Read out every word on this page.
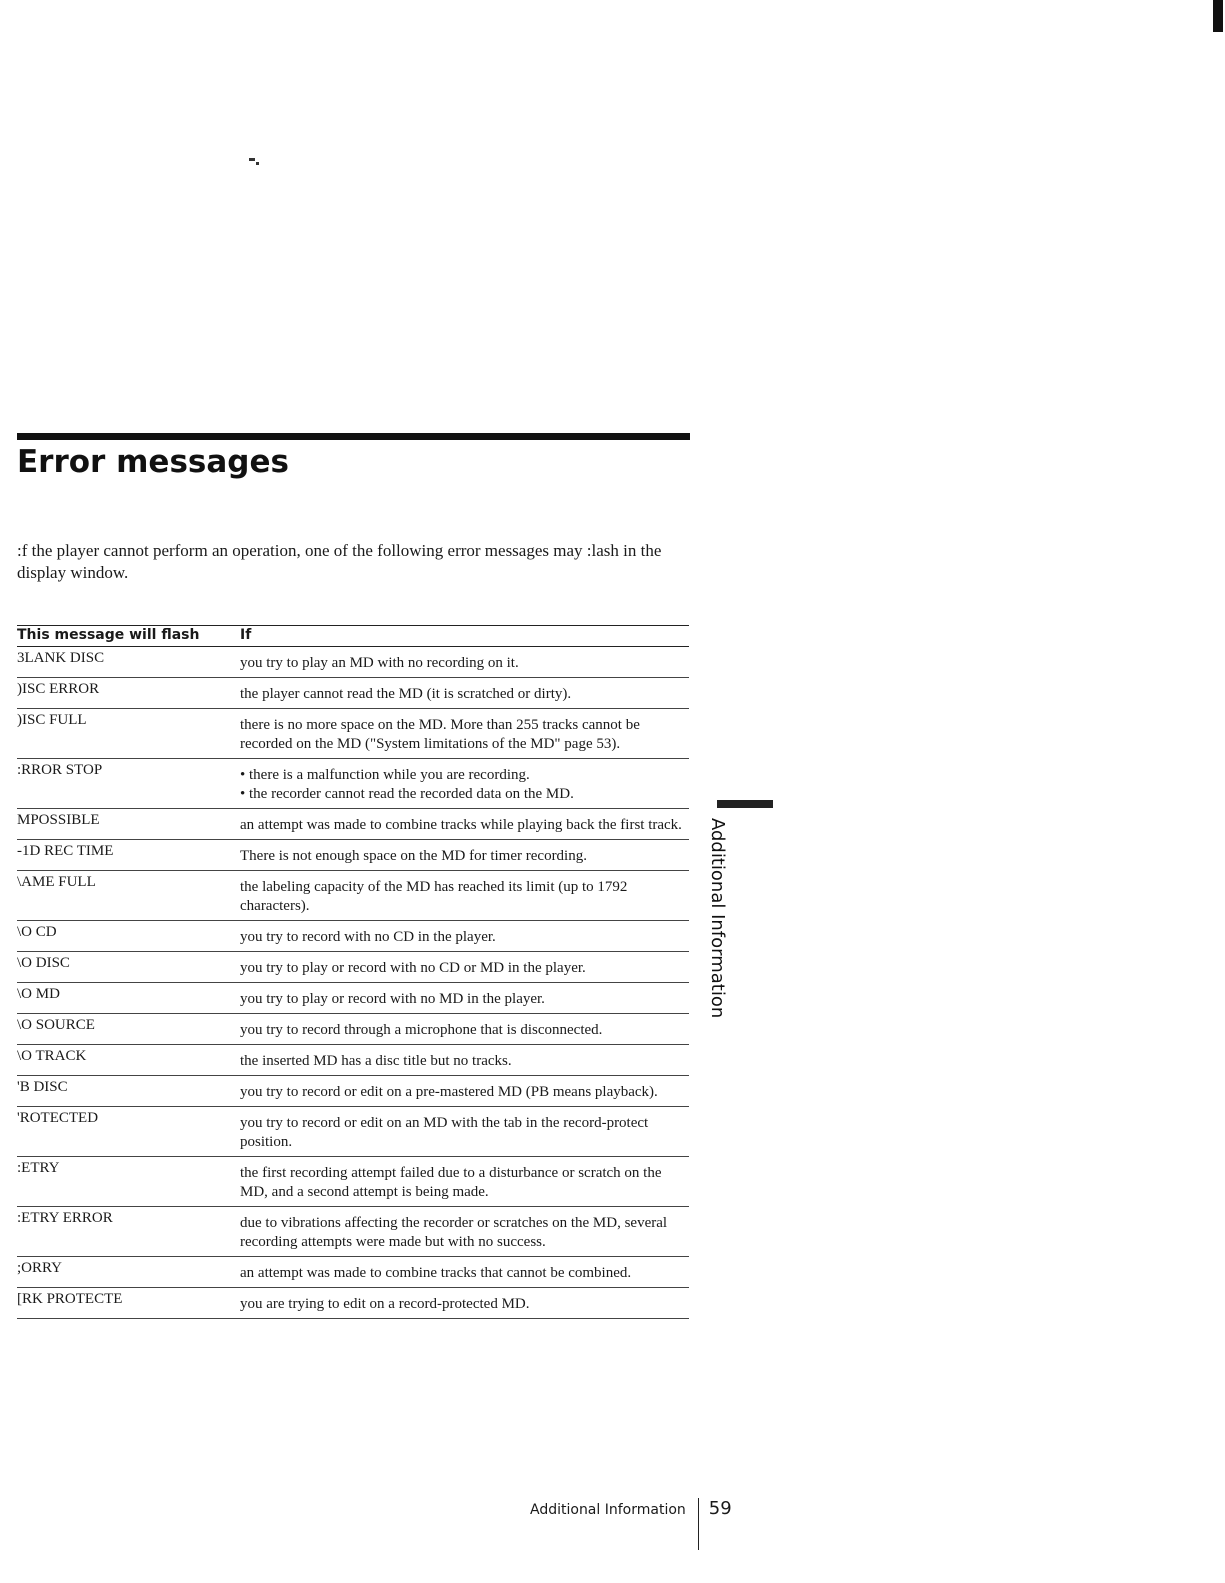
Error messages

:f the player cannot perform an operation, one of the following error messages may :lash in the display window.

This message will flash	If
3LANK DISC	you try to play an MD with no recording on it.
)ISC ERROR	the player cannot read the MD (it is scratched or dirty).
)ISC FULL	there is no more space on the MD. More than 255 tracks cannot be recorded on the MD ("System limitations of the MD" page 53).
:RROR STOP	• there is a malfunction while you are recording.
• the recorder cannot read the recorded data on the MD.
MPOSSIBLE	an attempt was made to combine tracks while playing back the first track.
-1D REC TIME	There is not enough space on the MD for timer recording.
\AME FULL	the labeling capacity of the MD has reached its limit (up to 1792 characters).
\O CD	you try to record with no CD in the player.
\O DISC	you try to play or record with no CD or MD in the player.
\O MD	you try to play or record with no MD in the player.
\O SOURCE	you try to record through a microphone that is disconnected.
\O TRACK	the inserted MD has a disc title but no tracks.
'B DISC	you try to record or edit on a pre-mastered MD (PB means playback).
'ROTECTED	you try to record or edit on an MD with the tab in the record-protect position.
:ETRY	the first recording attempt failed due to a disturbance or scratch on the MD, and a second attempt is being made.
:ETRY ERROR	due to vibrations affecting the recorder or scratches on the MD, several recording attempts were made but with no success.
;ORRY	an attempt was made to combine tracks that cannot be combined.
[RK PROTECTE	you are trying to edit on a record-protected MD.
Additional Information
Additional Information 59
